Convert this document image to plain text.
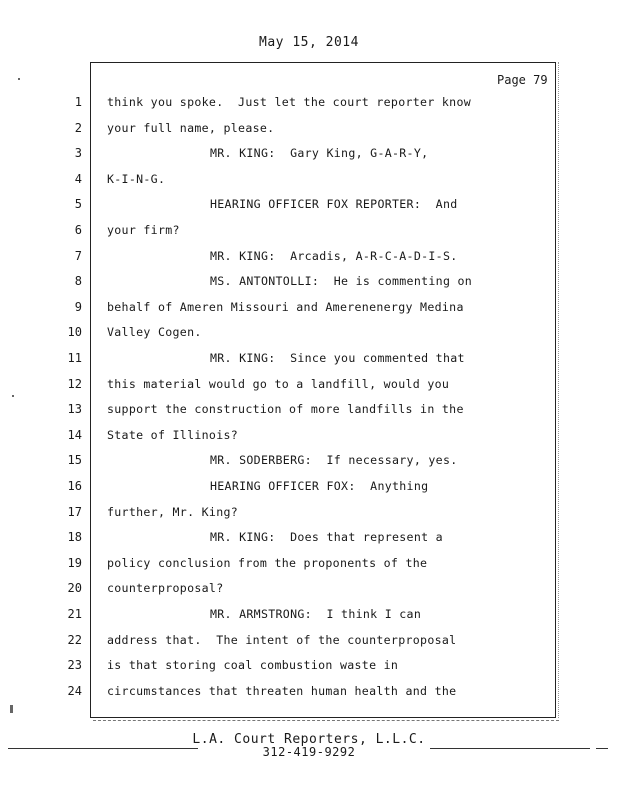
May 15, 2014
Page 79
1 think you spoke.  Just let the court reporter know
2 your full name, please.
3	MR. KING:  Gary King, G-A-R-Y,
4 K-I-N-G.
5	HEARING OFFICER FOX REPORTER:  And
6 your firm?
7	MR. KING:  Arcadis, A-R-C-A-D-I-S.
8	MS. ANTONTOLLI:  He is commenting on
9 behalf of Ameren Missouri and Amerenenergy Medina
10 Valley Cogen.
11	MR. KING:  Since you commented that
12 this material would go to a landfill, would you
13 support the construction of more landfills in the
14 State of Illinois?
15	MR. SODERBERG:  If necessary, yes.
16	HEARING OFFICER FOX:  Anything
17 further, Mr. King?
18	MR. KING:  Does that represent a
19 policy conclusion from the proponents of the
20 counterproposal?
21	MR. ARMSTRONG:  I think I can
22 address that.  The intent of the counterproposal
23 is that storing coal combustion waste in
24 circumstances that threaten human health and the
L.A. Court Reporters, L.L.C.
312-419-9292
